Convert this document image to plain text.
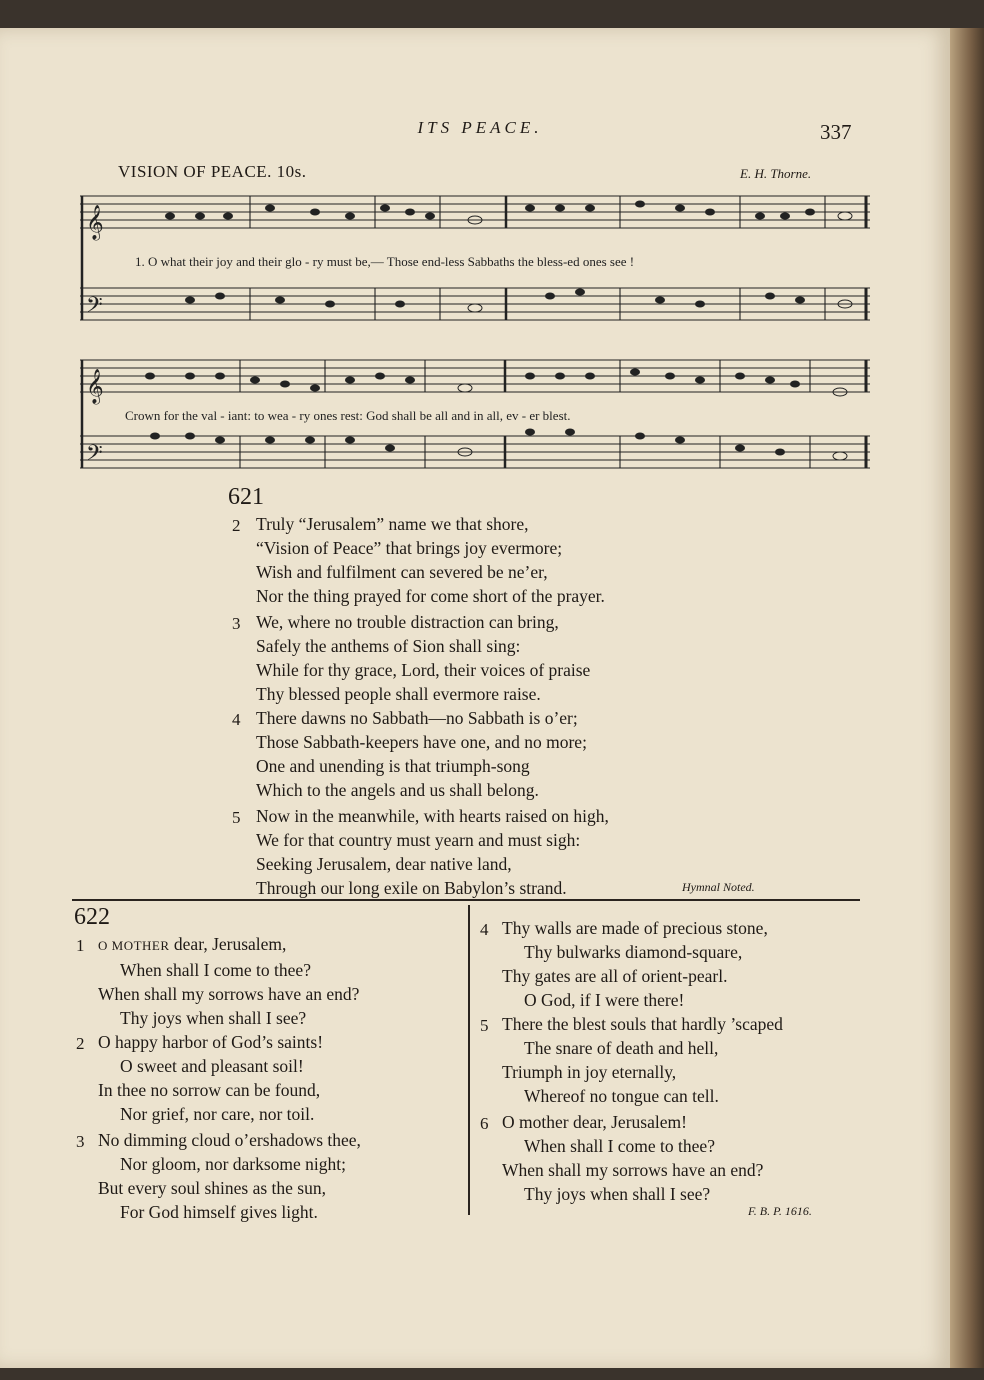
ITS PEACE.	337
VISION OF PEACE. 10s.	E. H. Thorne.
𝄞
𝄢
1. O what their joy and their glo - ry must be,— Those end-less Sabbaths the bless-ed ones see !
𝄞
𝄢
Crown for the val - iant: to wea - ry ones rest: God shall be all and in all, ev - er blest.
621
2 Truly “Jerusalem” name we that shore,
“Vision of Peace” that brings joy evermore;
Wish and fulfilment can severed be ne’er,
Nor the thing prayed for come short of the prayer.
3 We, where no trouble distraction can bring,
Safely the anthems of Sion shall sing:
While for thy grace, Lord, their voices of praise
Thy blessed people shall evermore raise.
4 There dawns no Sabbath—no Sabbath is o’er;
Those Sabbath-keepers have one, and no more;
One and unending is that triumph-song
Which to the angels and us shall belong.
5 Now in the meanwhile, with hearts raised on high,
We for that country must yearn and must sigh:
Seeking Jerusalem, dear native land,
Through our long exile on Babylon’s strand.	Hymnal Noted.
622
1 O MOTHER dear, Jerusalem,
When shall I come to thee?
When shall my sorrows have an end?
Thy joys when shall I see?
2 O happy harbor of God’s saints!
O sweet and pleasant soil!
In thee no sorrow can be found,
Nor grief, nor care, nor toil.
3 No dimming cloud o’ershadows thee,
Nor gloom, nor darksome night;
But every soul shines as the sun,
For God himself gives light.
4 Thy walls are made of precious stone,
Thy bulwarks diamond-square,
Thy gates are all of orient-pearl.
O God, if I were there!
5 There the blest souls that hardly ’scaped
The snare of death and hell,
Triumph in joy eternally,
Whereof no tongue can tell.
6 O mother dear, Jerusalem!
When shall I come to thee?
When shall my sorrows have an end?
Thy joys when shall I see?
F. B. P. 1616.
